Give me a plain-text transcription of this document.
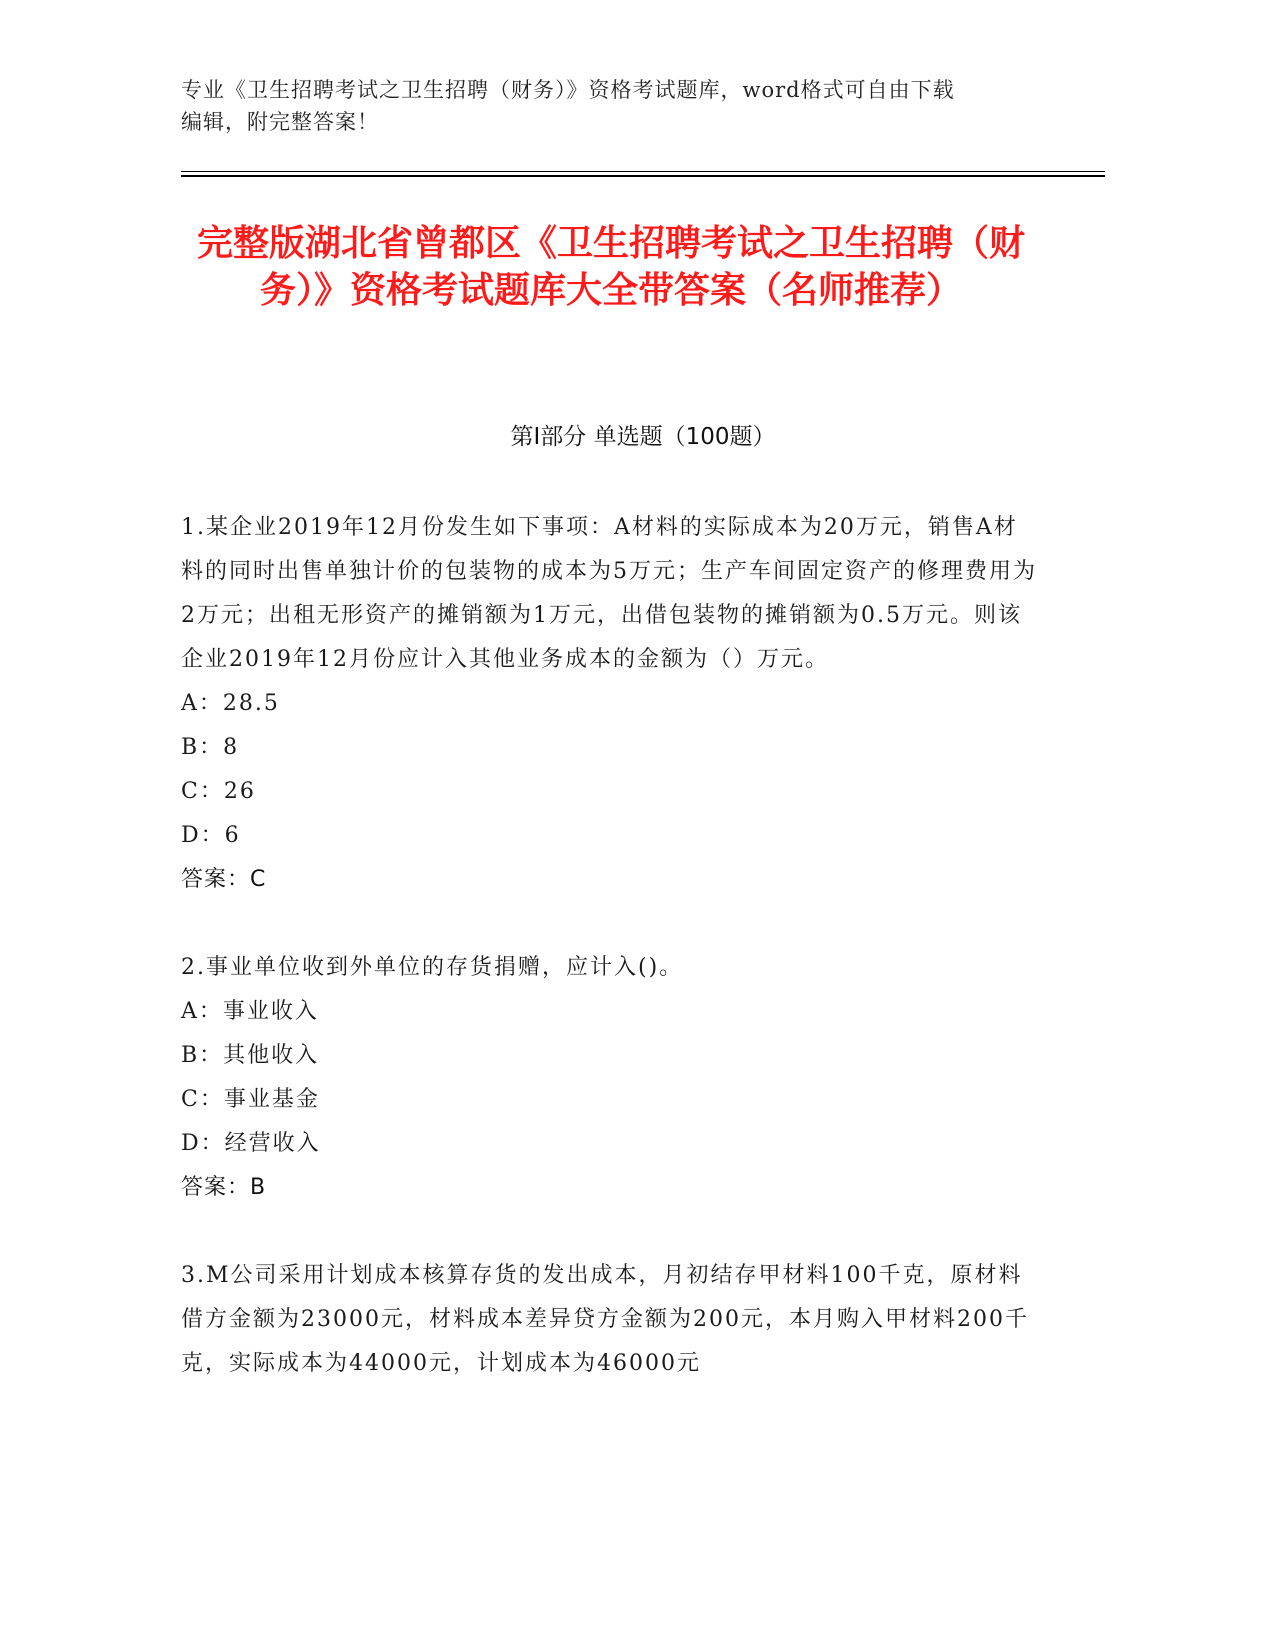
专业《卫生招聘考试之卫生招聘（财务）》资格考试题库，word格式可自由下载
编辑，附完整答案！
完整版湖北省曾都区《卫生招聘考试之卫生招聘（财务）》资格考试题库大全带答案（名师推荐）
第Ⅰ部分 单选题（100题）

1.某企业2019年12月份发生如下事项：A材料的实际成本为20万元，销售A材料的同时出售单独计价的包装物的成本为5万元；生产车间固定资产的修理费用为2万元；出租无形资产的摊销额为1万元，出借包装物的摊销额为0.5万元。则该企业2019年12月份应计入其他业务成本的金额为（）万元。

A：28.5
B：8
C：26
D：6
答案：C

2.事业单位收到外单位的存货捐赠，应计入()。

A：事业收入
B：其他收入
C：事业基金
D：经营收入
答案：B

3.M公司采用计划成本核算存货的发出成本，月初结存甲材料100千克，原材料借方金额为23000元，材料成本差异贷方金额为200元，本月购入甲材料200千克，实际成本为44000元，计划成本为46000元
